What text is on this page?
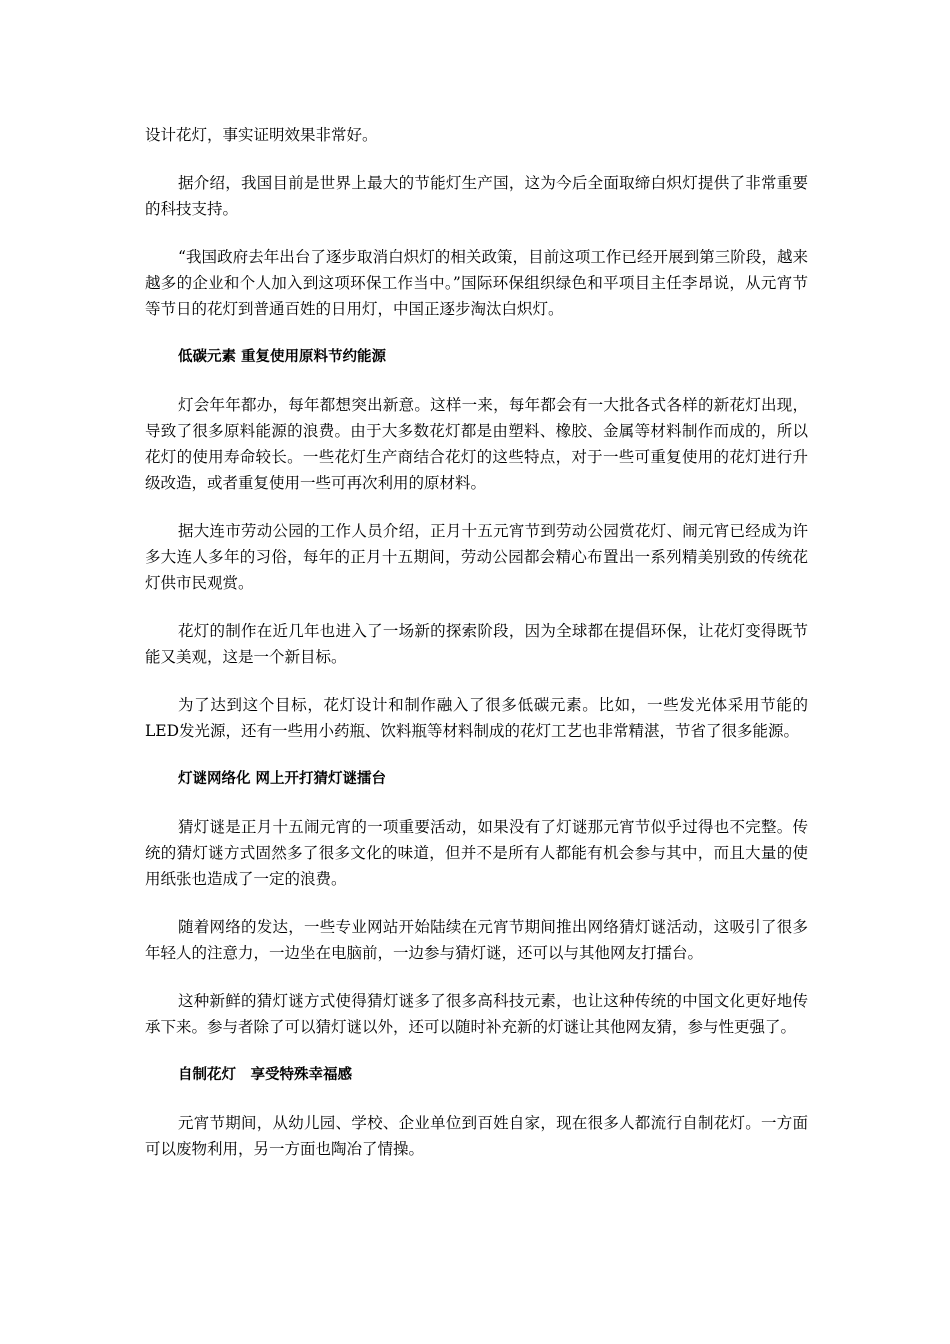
设计花灯，事实证明效果非常好。

据介绍，我国目前是世界上最大的节能灯生产国，这为今后全面取缔白炽灯提供了非常重要的科技支持。

“我国政府去年出台了逐步取消白炽灯的相关政策，目前这项工作已经开展到第三阶段，越来越多的企业和个人加入到这项环保工作当中。”国际环保组织绿色和平项目主任李昂说，从元宵节等节日的花灯到普通百姓的日用灯，中国正逐步淘汰白炽灯。

低碳元素 重复使用原料节约能源

灯会年年都办，每年都想突出新意。这样一来，每年都会有一大批各式各样的新花灯出现，导致了很多原料能源的浪费。由于大多数花灯都是由塑料、橡胶、金属等材料制作而成的，所以花灯的使用寿命较长。一些花灯生产商结合花灯的这些特点，对于一些可重复使用的花灯进行升级改造，或者重复使用一些可再次利用的原材料。

据大连市劳动公园的工作人员介绍，正月十五元宵节到劳动公园赏花灯、闹元宵已经成为许多大连人多年的习俗，每年的正月十五期间，劳动公园都会精心布置出一系列精美别致的传统花灯供市民观赏。

花灯的制作在近几年也进入了一场新的探索阶段，因为全球都在提倡环保，让花灯变得既节能又美观，这是一个新目标。

为了达到这个目标，花灯设计和制作融入了很多低碳元素。比如，一些发光体采用节能的LED发光源，还有一些用小药瓶、饮料瓶等材料制成的花灯工艺也非常精湛，节省了很多能源。

灯谜网络化 网上开打猜灯谜擂台

猜灯谜是正月十五闹元宵的一项重要活动，如果没有了灯谜那元宵节似乎过得也不完整。传统的猜灯谜方式固然多了很多文化的味道，但并不是所有人都能有机会参与其中，而且大量的使用纸张也造成了一定的浪费。

随着网络的发达，一些专业网站开始陆续在元宵节期间推出网络猜灯谜活动，这吸引了很多年轻人的注意力，一边坐在电脑前，一边参与猜灯谜，还可以与其他网友打擂台。

这种新鲜的猜灯谜方式使得猜灯谜多了很多高科技元素，也让这种传统的中国文化更好地传承下来。参与者除了可以猜灯谜以外，还可以随时补充新的灯谜让其他网友猜，参与性更强了。

自制花灯　享受特殊幸福感

元宵节期间，从幼儿园、学校、企业单位到百姓自家，现在很多人都流行自制花灯。一方面可以废物利用，另一方面也陶冶了情操。
